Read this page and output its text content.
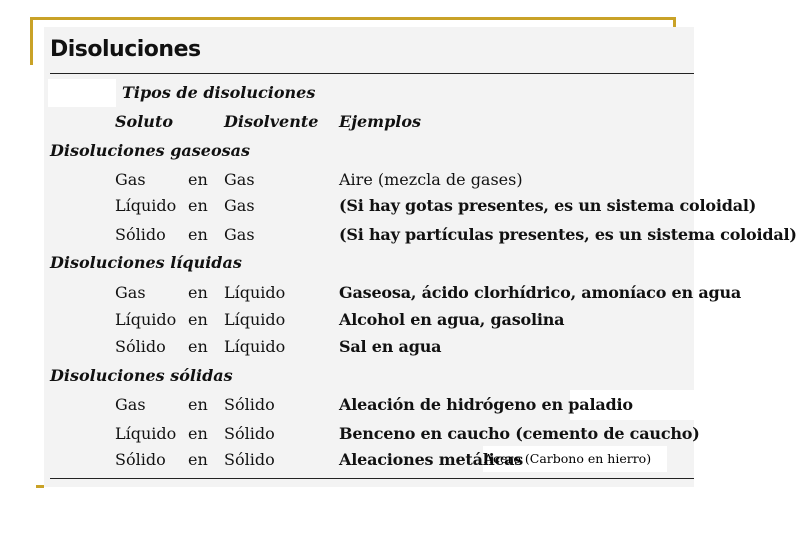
Disoluciones
Tipos de disoluciones
Soluto	Disolvente Ejemplos
Disoluciones gaseosas
Gas	en Gas	Aire (mezcla de gases)
Líquido en Gas	(Si hay gotas presentes, es un sistema coloidal)
Sólido en Gas	(Si hay partículas presentes, es un sistema coloidal)
Disoluciones líquidas
Gas	en Líquido	Gaseosa, ácido clorhídrico, amoníaco en agua
Líquido en Líquido	Alcohol en agua, gasolina
Sólido en Líquido	Sal en agua
Disoluciones sólidas
Gas	en Sólido	Aleación de hidrógeno en paladio
Líquido en Sólido	Benceno en caucho (cemento de caucho)
Sólido en Sólido	Aleaciones metálicas
Acero (Carbono en hierro)
